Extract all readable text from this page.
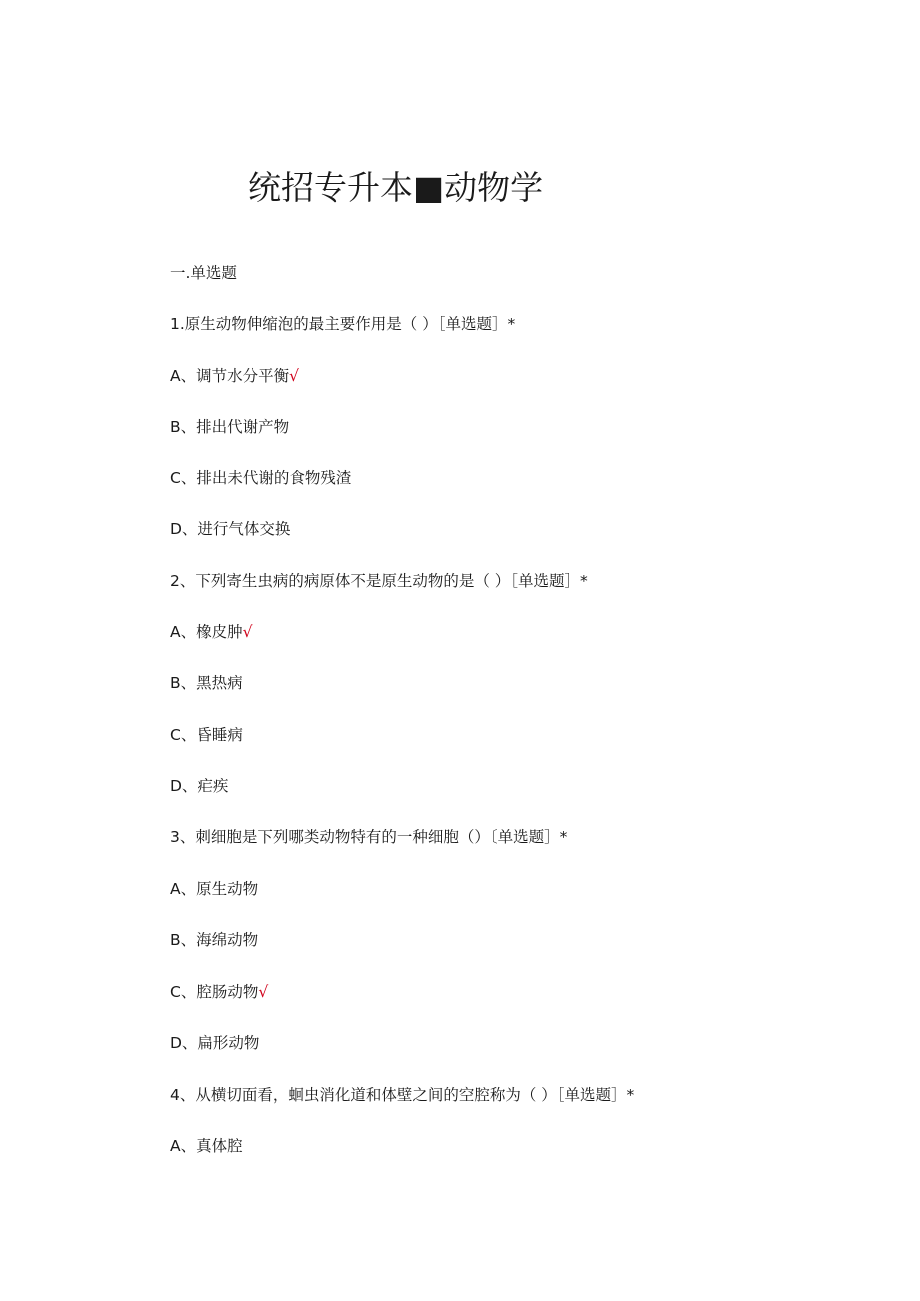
统招专升本■动物学
一.单选题
1.原生动物伸缩泡的最主要作用是（ ）［单选题］*
A、调节水分平衡√
B、排出代谢产物
C、排出未代谢的食物残渣
D、进行气体交换
2、下列寄生虫病的病原体不是原生动物的是（ ）［单选题］*
A、橡皮肿√
B、黑热病
C、昏睡病
D、疟疾
3、刺细胞是下列哪类动物特有的一种细胞（）〔单选题］*
A、原生动物
B、海绵动物
C、腔肠动物√
D、扁形动物
4、从横切面看，蛔虫消化道和体壁之间的空腔称为（ ）［单选题］*
A、真体腔
